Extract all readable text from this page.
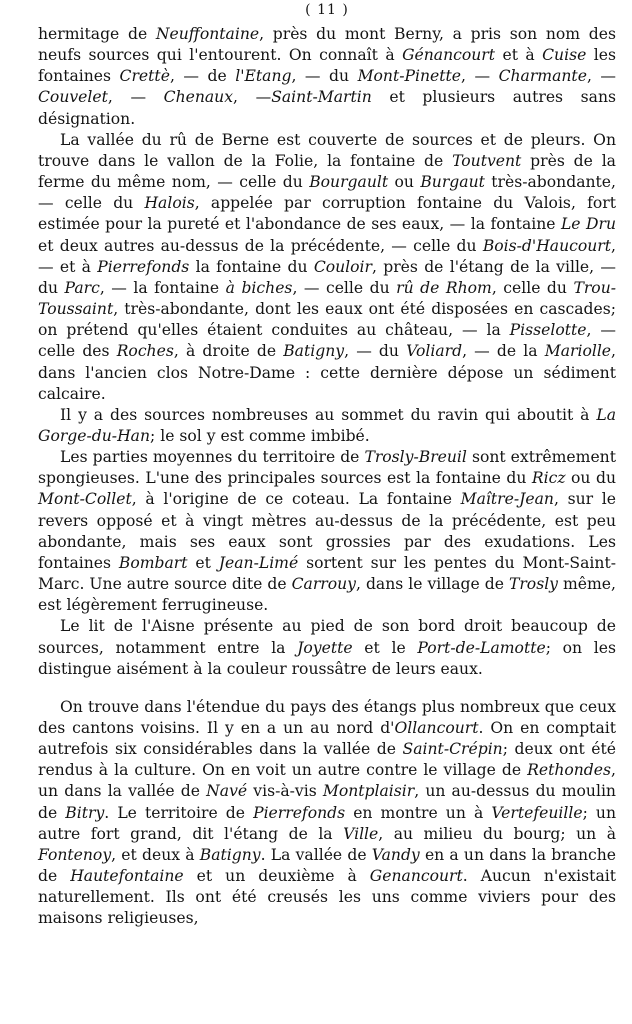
( 11 )

hermitage de Neuffontaine, près du mont Berny, a pris son nom des neufs sources qui l'entourent. On connaît à Génancourt et à Cuise les fontaines Crettè, — de l'Etang, — du Mont-Pinette, — Charmante, — Couvelet, — Chenaux, —Saint-Martin et plusieurs autres sans désignation.

La vallée du rû de Berne est couverte de sources et de pleurs. On trouve dans le vallon de la Folie, la fontaine de Toutvent près de la ferme du même nom, — celle du Bourgault ou Burgaut très-abondante, — celle du Halois, appelée par corruption fontaine du Valois, fort estimée pour la pureté et l'abondance de ses eaux, — la fontaine Le Dru et deux autres au-dessus de la précédente, — celle du Bois-d'Haucourt, — et à Pierrefonds la fontaine du Couloir, près de l'étang de la ville, — du Parc, — la fontaine à biches, — celle du rû de Rhom, celle du Trou-Toussaint, très-abondante, dont les eaux ont été disposées en cascades; on prétend qu'elles étaient conduites au château, — la Pisselotte, — celle des Roches, à droite de Batigny, — du Voliard, — de la Mariolle, dans l'ancien clos Notre-Dame : cette dernière dépose un sédiment calcaire.

Il y a des sources nombreuses au sommet du ravin qui aboutit à La Gorge-du-Han; le sol y est comme imbibé.

Les parties moyennes du territoire de Trosly-Breuil sont extrêmement spongieuses. L'une des principales sources est la fontaine du Ricz ou du Mont-Collet, à l'origine de ce coteau. La fontaine Maître-Jean, sur le revers opposé et à vingt mètres au-dessus de la précédente, est peu abondante, mais ses eaux sont grossies par des exudations. Les fontaines Bombart et Jean-Limé sortent sur les pentes du Mont-Saint-Marc. Une autre source dite de Carrouy, dans le village de Trosly même, est légèrement ferrugineuse.

Le lit de l'Aisne présente au pied de son bord droit beaucoup de sources, notamment entre la Joyette et le Port-de-Lamotte; on les distingue aisément à la couleur roussâtre de leurs eaux.

On trouve dans l'étendue du pays des étangs plus nombreux que ceux des cantons voisins. Il y en a un au nord d'Ollancourt. On en comptait autrefois six considérables dans la vallée de Saint-Crépin; deux ont été rendus à la culture. On en voit un autre contre le village de Rethondes, un dans la vallée de Navé vis-à-vis Montplaisir, un au-dessus du moulin de Bitry. Le territoire de Pierrefonds en montre un à Vertefeuille; un autre fort grand, dit l'étang de la Ville, au milieu du bourg; un à Fontenoy, et deux à Batigny. La vallée de Vandy en a un dans la branche de Hautefontaine et un deuxième à Genancourt. Aucun n'existait naturellement. Ils ont été creusés les uns comme viviers pour des maisons religieuses,
